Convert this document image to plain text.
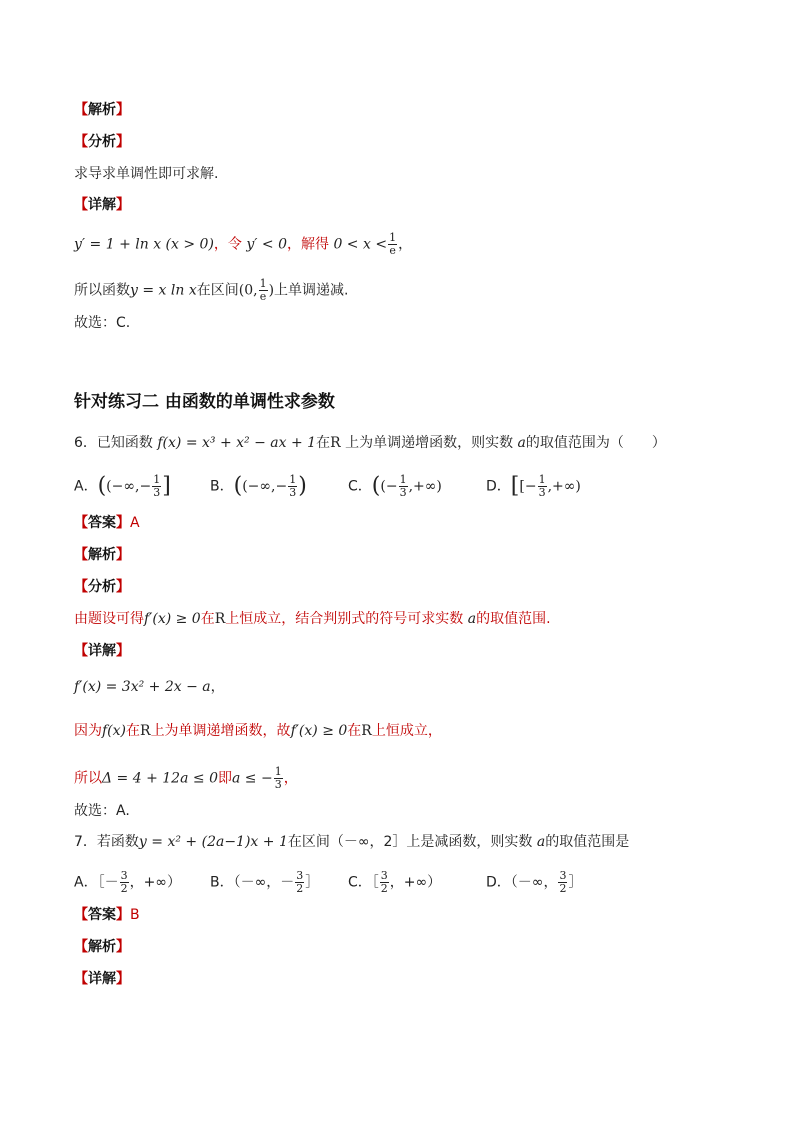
【解析】
【分析】
求导求单调性即可求解.
【详解】
y′ = 1 + ln x (x > 0)，令 y′ < 0，解得 $0 < x < \frac{1}{e}$ ，
所以函数y = x ln x在区间(0, $\frac{1}{e}$ )上单调递减.
故选：C.
针对练习二 由函数的单调性求参数
6．已知函数 f(x) = x³ + x² − ax + 1在R 上为单调递增函数，则实数 a的取值范围为（　　）
A．((−∞,− $\frac{1}{3}$ ]	B．((−∞,− $\frac{1}{3}$ )	C．((− $\frac{1}{3}$ ,+∞)	D．[[− $\frac{1}{3}$ ,+∞)
【答案】A
【解析】
【分析】
由题设可得f′(x) ≥ 0在R上恒成立，结合判别式的符号可求实数 a的取值范围.
【详解】
f′(x) = 3x² + 2x − a，
因为f(x)在R上为单调递增函数，故f′(x) ≥ 0在R上恒成立，
所以Δ = 4 + 12a ≤ 0即a ≤ − $\frac{1}{3}$ ，
故选：A.
7．若函数y = x² + (2a−1)x + 1在区间（－∞，2］上是减函数，则实数 a的取值范围是
A．［－ $\frac{3}{2}$ ，+∞） B．（－∞，－ $\frac{3}{2}$ ］ C．［ $\frac{3}{2}$ ，+∞）	D．（－∞， $\frac{3}{2}$ ］
【答案】B
【解析】
【详解】
